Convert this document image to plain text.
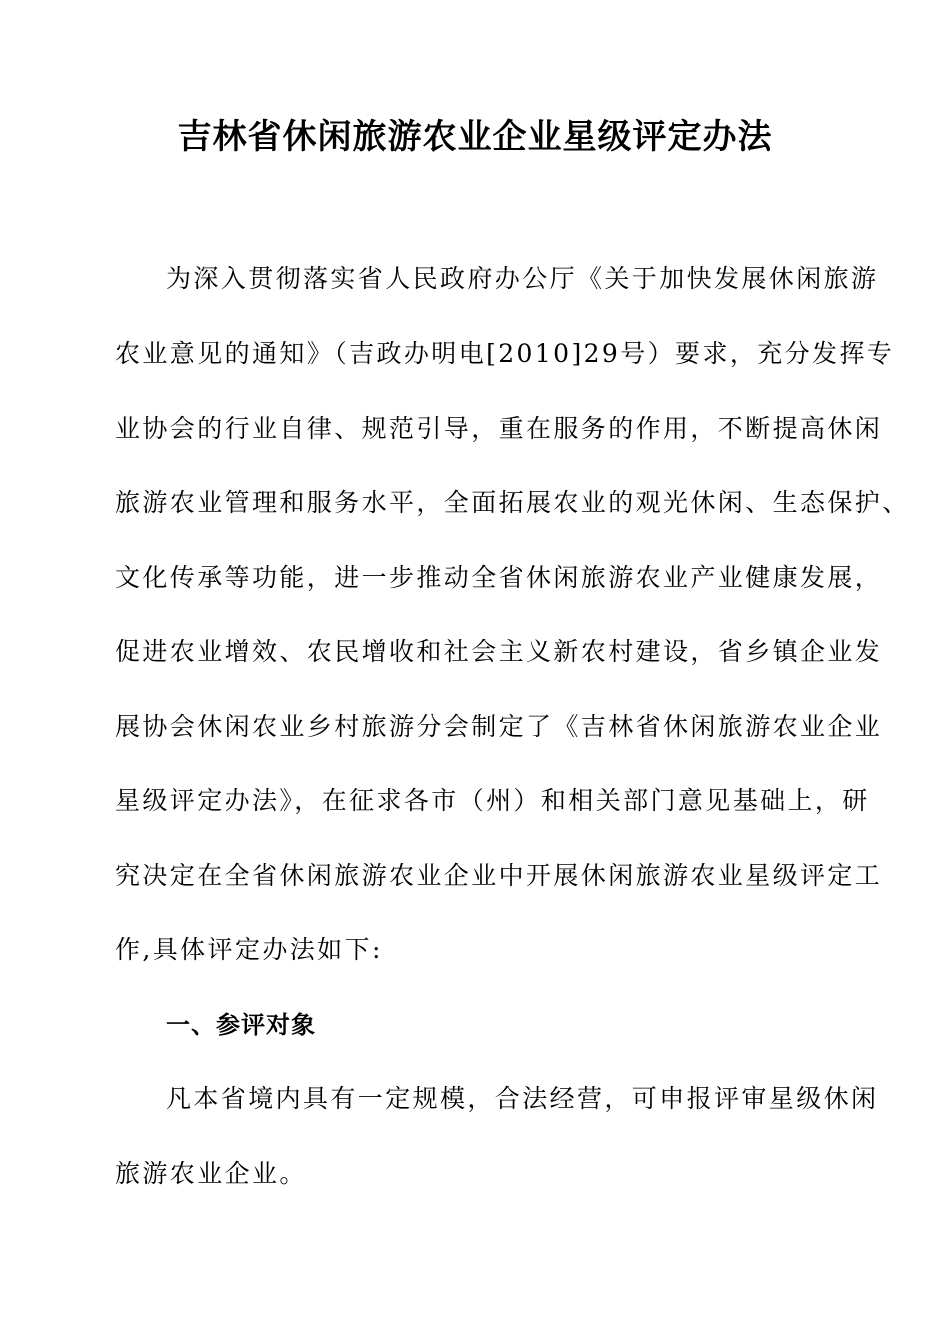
吉林省休闲旅游农业企业星级评定办法

为深入贯彻落实省人民政府办公厅《关于加快发展休闲旅游

农业意见的通知》（吉政办明电[2010]29号）要求，充分发挥专

业协会的行业自律、规范引导，重在服务的作用，不断提高休闲

旅游农业管理和服务水平，全面拓展农业的观光休闲、生态保护、

文化传承等功能，进一步推动全省休闲旅游农业产业健康发展，

促进农业增效、农民增收和社会主义新农村建设，省乡镇企业发

展协会休闲农业乡村旅游分会制定了《吉林省休闲旅游农业企业

星级评定办法》，在征求各市（州）和相关部门意见基础上，研

究决定在全省休闲旅游农业企业中开展休闲旅游农业星级评定工

作,具体评定办法如下:

一、参评对象

凡本省境内具有一定规模，合法经营，可申报评审星级休闲

旅游农业企业。
